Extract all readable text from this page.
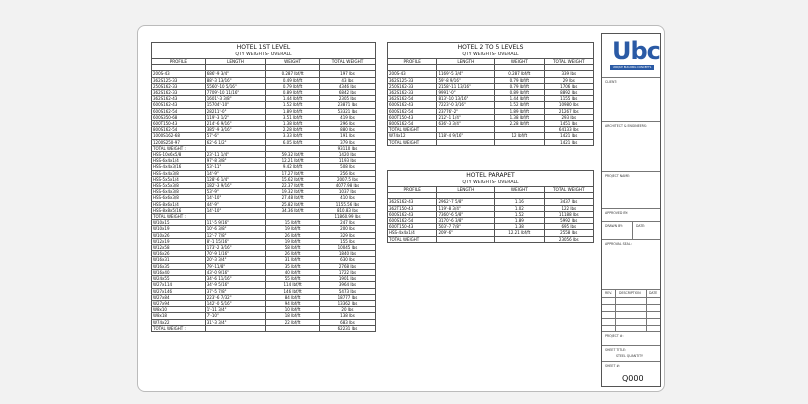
HOTEL 1ST LEVEL			
QTY WEIGHTS- OVERALL			
PROFILE	LENGTH	WEIGHT	TOTAL WEIGHT

200S-43	686'-9 3/4"	0.287 lbf/ft	197 lbs
362S125-33	88'-3 13/16"	0.49 lbf/ft	43 lbs
250S162-33	5560'-10 5/16"	0.79 lbf/ft	4346 lbs
362S162-33	7709'-10 11/16"	0.89 lbf/ft	6842 lbs
362S162-43	1601'-3 3/8"	1.44 lbf/ft	2305 lbs
600S162-43	15704'-10"	1.52 lbf/ft	23871 lbs
600S162-54	28211'-0"	1.89 lbf/ft	53321 lbs
600S350-68	119'-3 1/2"	3.51 lbf/ft	419 lbs
600T150-43	214'-6 9/16"	1.38 lbf/ft	296 lbs
800S162-54	385'-9 3/16"	2.28 lbf/ft	880 lbs
1000S162-68	57'-6"	3.33 lbf/ft	191 lbs
1200S250-97	62'-6 1/2"	6.05 lbf/ft	379 lbs
TOTAL WEIGHT :			93110 lbs
HSS-10x6x5/8	23'-11 1/4"	59.32 lbf/ft	1420 lbs
HSS-6x4x1/4	97'-8 3/8"	12.21 lbf/ft	1193 lbs
HSS-4x4x3/16	53'-11"	9.42 lbf/ft	508 lbs
HSS-4x4x3/8	14'-9"	17.27 lbf/ft	256 lbs
HSS-5x5x1/4	128'-6 1/4"	15.62 lbf/ft	2007.5 lbs
HSS-5x5x3/8	182'-3 9/16"	22.37 lbf/ft	4077.98 lbs
HSS-6x4x3/8	53'-9"	19.32 lbf/ft	1037 lbs
HSS-6x6x3/8	14'-10"	27.48 lbf/ft	410 lbs
HSS-8x6x1/4	44'-9"	25.82 lbf/ft	1155.56 lbs
HSS-8x8x5/16	14'-10"	34.36 lbf/ft	810.83 lbs
TOTAL WEIGHT :			11860.99 lbs
W10x15	11'-5 9/16"	15 lbf/ft	247 lbs
W10x19	10'-6 3/8"	19 lbf/ft	200 lbs
W10x26	12'-7 7/8"	26 lbf/ft	329 lbs
W12x19	8'-1 15/16"	19 lbf/ft	155 lbs
W12x58	173'-2 3/16"	58 lbf/ft	10045 lbs
W16x26	70'-9 1/16"	26 lbf/ft	1840 lbs
W16x31	20'-3 3/4"	31 lbf/ft	630 lbs
W16x35	79'-11/8"	35 lbf/ft	2768 lbs
W16x40	43'-0 9/16"	40 lbf/ft	1722 lbs
W24x55	34'-6 11/16"	55 lbf/ft	1901 lbs
W27x114	34'-9 5/16"	114 lbf/ft	3964 lbs
W27x146	37'-5 7/8"	146 lbf/ft	5473 lbs
W27x84	223'-6 7/32"	84 lbf/ft	18777 lbs
W27x94	142'-0 5/16"	94 lbf/ft	13362 lbs
W8x10	1'-11 3/4"	10 lbf/ft	20 lbs
W8x18	7'-10"	18 lbf/ft	138 lbs
W74x22	31'-3 3/4"	22 lbf/ft	683 lbs
TOTAL WEIGHT :			62231 lbs
HOTEL 2 TO 5 LEVELS			
QTY WEIGHTS- OVERALL			
PROFILE	LENGTH	WEIGHT	TOTAL WEIGHT

200S-43	1169'-5 3/4"	0.287 lbf/ft	339 lbs
362S125-33	59'-8 9/16"	0.79 lbf/ft	29 lbs
250S162-33	2158'-11 13/16"	0.79 lbf/ft	1706 lbs
362S162-33	9991'-0"	0.89 lbf/ft	8892 lbs
362S162-54	813'-10 13/16"	1.44 lbf/ft	1155 lbs
600S162-43	7223'-0 3/16"	1.52 lbf/ft	10980 lbs
600S162-54	23776'-2"	1.89 lbf/ft	21267 lbs
600T150-43	212'-1 1/4"	1.38 lbf/ft	293 lbs
800S162-54	636'-3 3/4"	2.28 lbf/ft	1451 lbs
TOTAL WEIGHT			64133 lbs
W74x12	118'-4 9/16"	12 lbf/ft	1421 lbs
TOTAL WEIGHT			1421 lbs
HOTEL PARAPET			
QTY WEIGHTS- OVERALL			
PROFILE	LENGTH	WEIGHT	TOTAL WEIGHT

362S162-43	2962'-7 5/8"	1.16	3437 lbs
362T150-43	119'-8 3/4"	1.02	122 lbs
600S162-43	7360'-6 5/8"	1.52	11188 lbs
600S162-54	3170'-6 3/8"	1.89	5992 lbs
600T150-43	503'-7 7/8"	1.38	695 lbs
HSS-4x4x1/4	209'-6"	12.21 lbf/ft	2558 lbs
TOTAL WEIGHT			23056 lbs
Ubc
UNIQUE BUILDING CONCEPTS
CLIENT:
ARCHITECT & ENGINEERS:
PROJECT NAME:
APPROVED BY:
DRAWN BY:	DATE:
APPROVAL SEAL:
REV. DESCRIPTION	DATE
PROJECT #:
SHEET TITLE:
STEEL QUANTITY
SHEET #:
Q000
